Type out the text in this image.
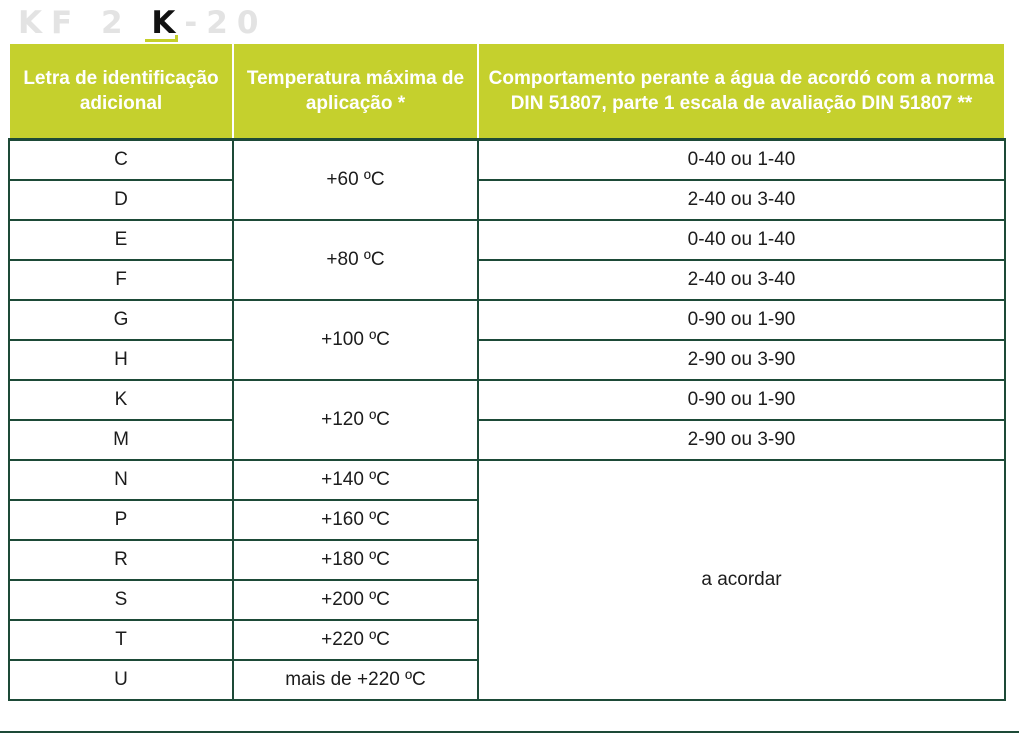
KF 2 K
-20
Letra de identificação adicional	Temperatura máxima de aplicação *	Comportamento perante a água de acordó com a norma DIN 51807, parte 1 escala de avaliação DIN 51807 **
C	+60 ºC	0-40 ou 1-40
D		2-40 ou 3-40
E	+80 ºC	0-40 ou 1-40
F		2-40 ou 3-40
G	+100 ºC	0-90 ou 1-90
H		2-90 ou 3-90
K	+120 ºC	0-90 ou 1-90
M		2-90 ou 3-90
N	+140 ºC	a acordar
P	+160 ºC	
R	+180 ºC	
S	+200 ºC	
T	+220 ºC	
U	mais de +220 ºC	
